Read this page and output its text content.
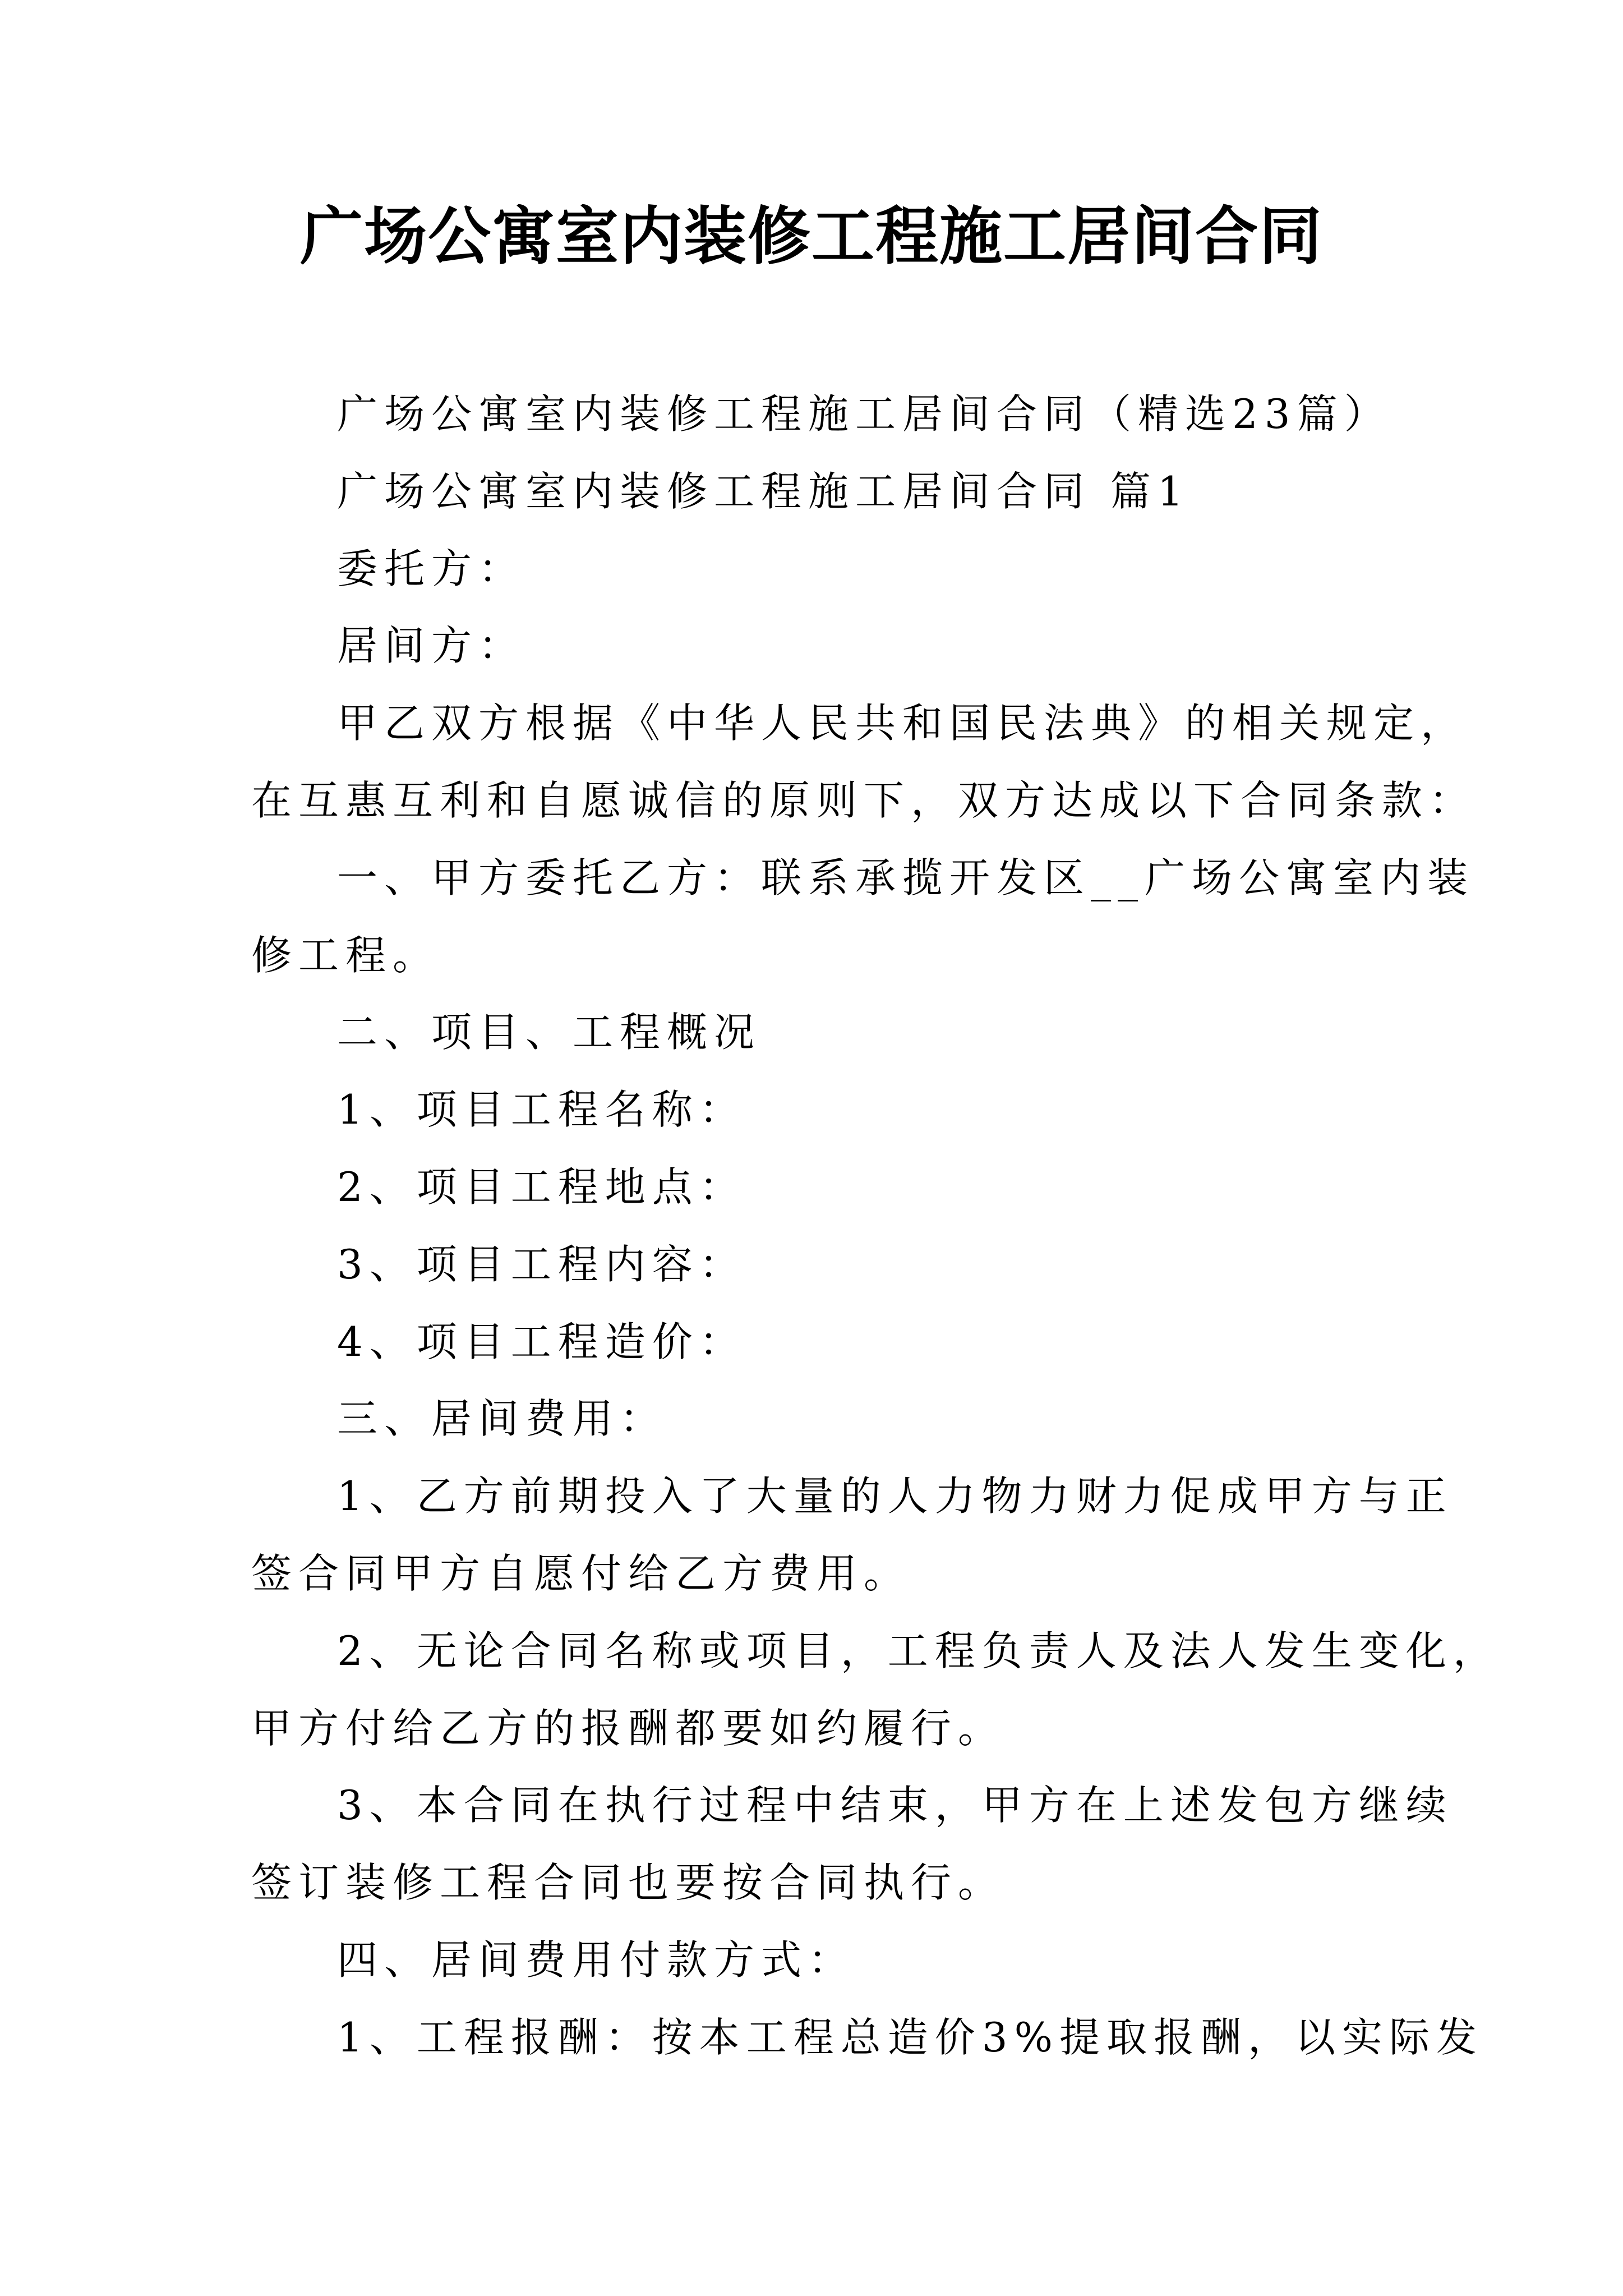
广场公寓室内装修工程施工居间合同

广场公寓室内装修工程施工居间合同（精选23篇）

广场公寓室内装修工程施工居间合同 篇1

委托方：

居间方：

甲乙双方根据《中华人民共和国民法典》的相关规定，

在互惠互利和自愿诚信的原则下，双方达成以下合同条款：

一、甲方委托乙方：联系承揽开发区__广场公寓室内装

修工程。

二、项目、工程概况

1、项目工程名称：

2、项目工程地点：

3、项目工程内容：

4、项目工程造价：

三、居间费用：

1、乙方前期投入了大量的人力物力财力促成甲方与正

签合同甲方自愿付给乙方费用。

2、无论合同名称或项目，工程负责人及法人发生变化，

甲方付给乙方的报酬都要如约履行。

3、本合同在执行过程中结束，甲方在上述发包方继续

签订装修工程合同也要按合同执行。

四、居间费用付款方式：

1、工程报酬：按本工程总造价3%提取报酬，以实际发
